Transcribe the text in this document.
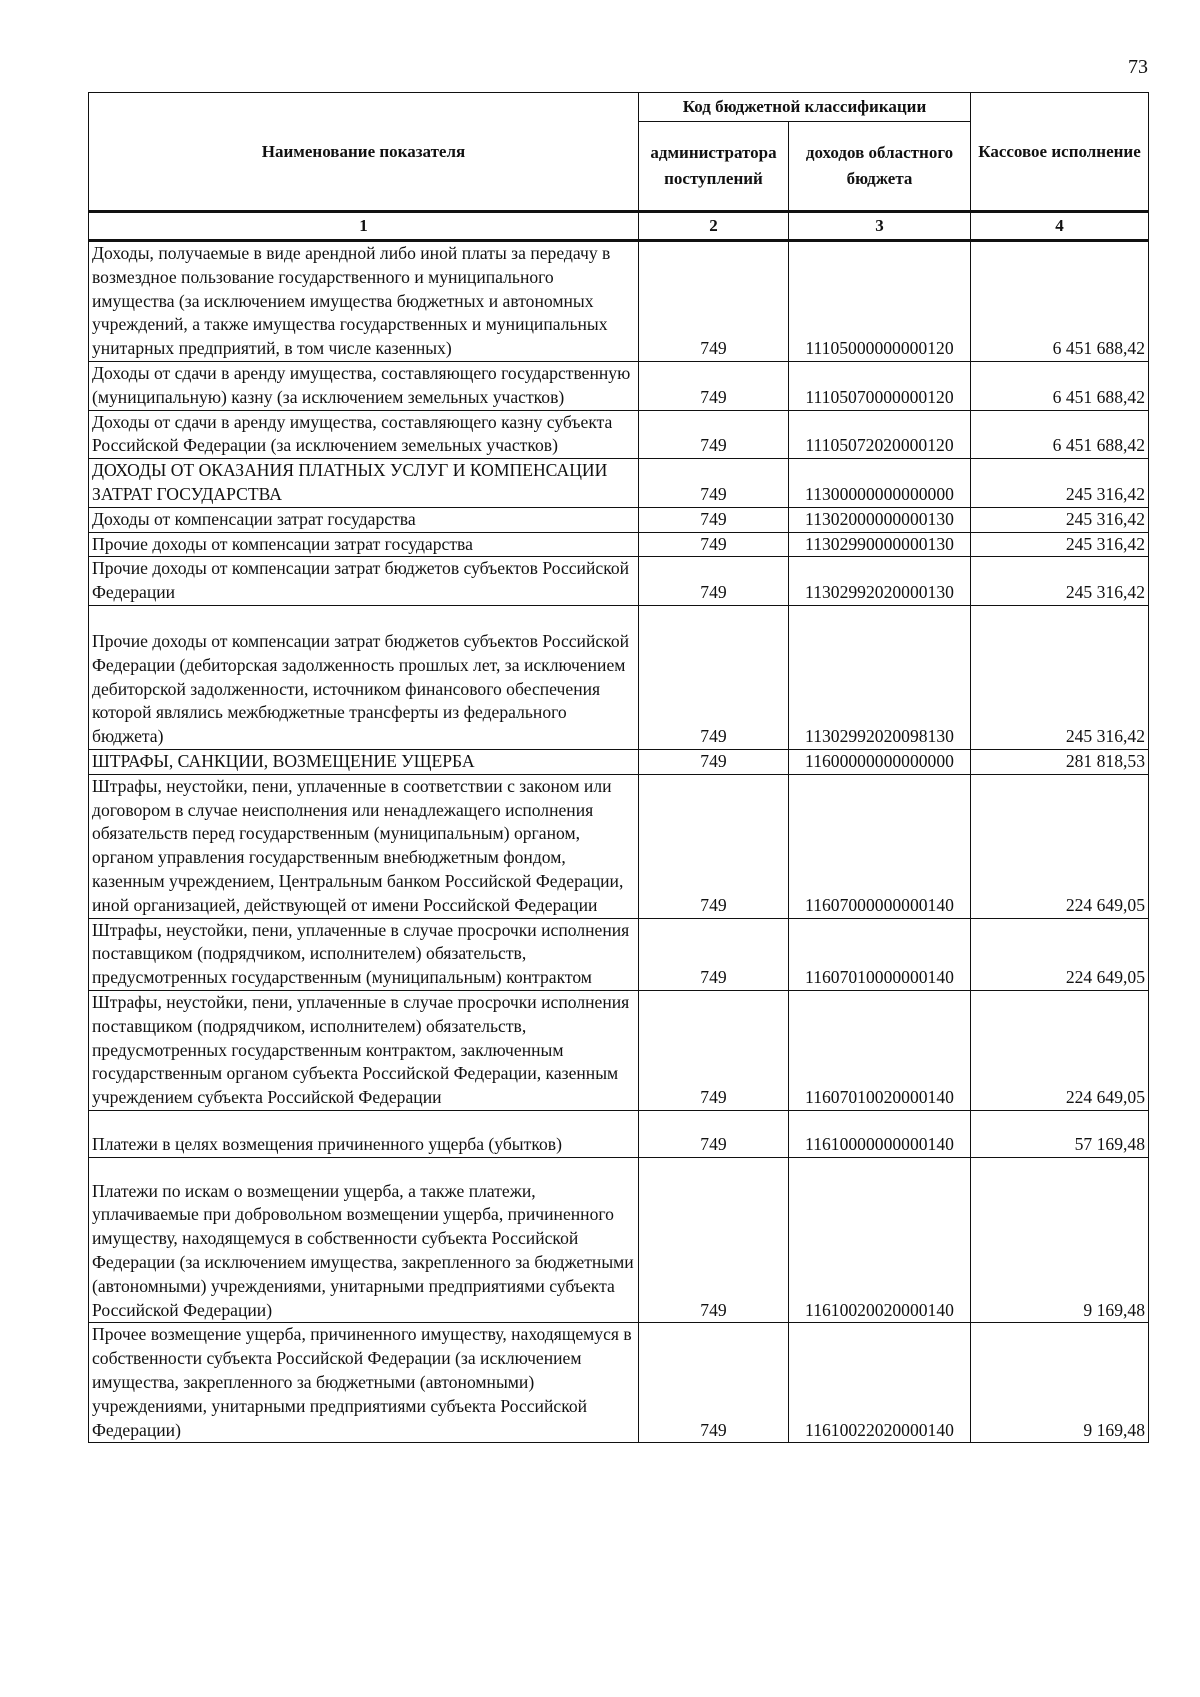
73
Наименование показателя	Код бюджетной классификации		Кассовое исполнение
	администратора поступлений	доходов областного бюджета	
1	2	3	4
Доходы, получаемые в виде арендной либо иной платы за передачу в возмездное пользование государственного и муниципального имущества (за исключением имущества бюджетных и автономных учреждений, а также имущества государственных и муниципальных унитарных предприятий, в том числе казенных)	749	11105000000000120	6 451 688,42
Доходы от сдачи в аренду имущества, составляющего государственную (муниципальную) казну (за исключением земельных участков)	749	11105070000000120	6 451 688,42
Доходы от сдачи в аренду имущества, составляющего казну субъекта Российской Федерации (за исключением земельных участков)	749	11105072020000120	6 451 688,42
ДОХОДЫ ОТ ОКАЗАНИЯ ПЛАТНЫХ УСЛУГ И КОМПЕНСАЦИИ ЗАТРАТ ГОСУДАРСТВА	749	11300000000000000	245 316,42
Доходы от компенсации затрат государства	749	11302000000000130	245 316,42
Прочие доходы от компенсации затрат государства	749	11302990000000130	245 316,42
Прочие доходы от компенсации затрат бюджетов субъектов Российской Федерации	749	11302992020000130	245 316,42
Прочие доходы от компенсации затрат бюджетов субъектов Российской Федерации (дебиторская задолженность прошлых лет, за исключением дебиторской задолженности, источником финансового обеспечения которой являлись межбюджетные трансферты из федерального бюджета)	749	11302992020098130	245 316,42
ШТРАФЫ, САНКЦИИ, ВОЗМЕЩЕНИЕ УЩЕРБА	749	11600000000000000	281 818,53
Штрафы, неустойки, пени, уплаченные в соответствии с законом или договором в случае неисполнения или ненадлежащего исполнения обязательств перед государственным (муниципальным) органом, органом управления государственным внебюджетным фондом, казенным учреждением, Центральным банком Российской Федерации, иной организацией, действующей от имени Российской Федерации	749	11607000000000140	224 649,05
Штрафы, неустойки, пени, уплаченные в случае просрочки исполнения поставщиком (подрядчиком, исполнителем) обязательств, предусмотренных государственным (муниципальным) контрактом	749	11607010000000140	224 649,05
Штрафы, неустойки, пени, уплаченные в случае просрочки исполнения поставщиком (подрядчиком, исполнителем) обязательств, предусмотренных государственным контрактом, заключенным государственным органом субъекта Российской Федерации, казенным учреждением субъекта Российской Федерации	749	11607010020000140	224 649,05
Платежи в целях возмещения причиненного ущерба (убытков)	749	11610000000000140	57 169,48
Платежи по искам о возмещении ущерба, а также платежи, уплачиваемые при добровольном возмещении ущерба, причиненного имуществу, находящемуся в собственности субъекта Российской Федерации (за исключением имущества, закрепленного за бюджетными (автономными) учреждениями, унитарными предприятиями субъекта Российской Федерации)	749	11610020020000140	9 169,48
Прочее возмещение ущерба, причиненного имуществу, находящемуся в собственности субъекта Российской Федерации (за исключением имущества, закрепленного за бюджетными (автономными) учреждениями, унитарными предприятиями субъекта Российской Федерации)	749	11610022020000140	9 169,48
